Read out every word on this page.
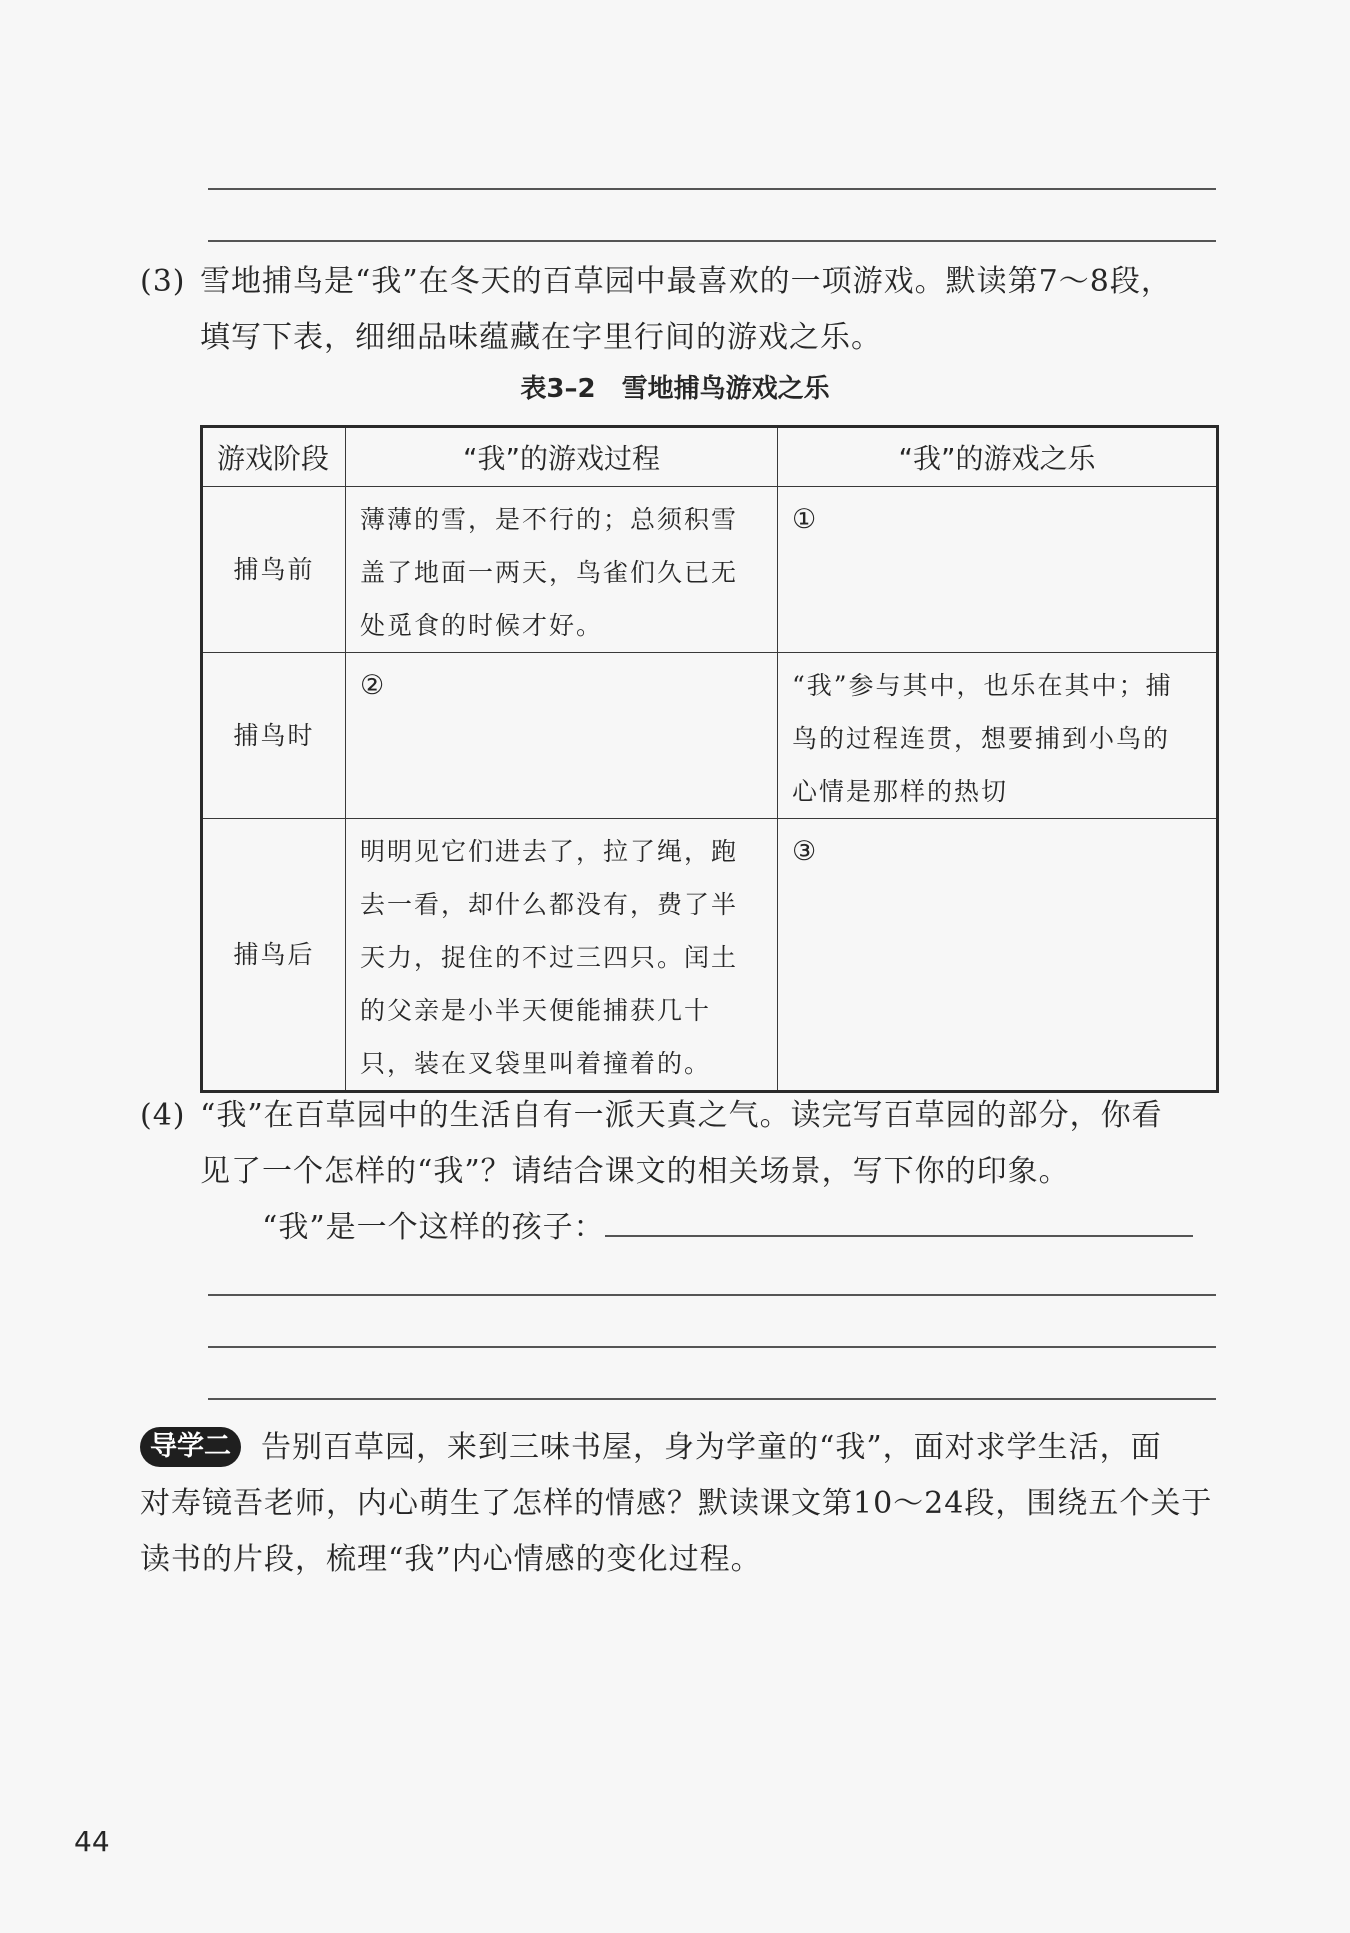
(3) 雪地捕鸟是“我”在冬天的百草园中最喜欢的一项游戏。默读第7～8段，

填写下表，细细品味蕴藏在字里行间的游戏之乐。

表3–2　雪地捕鸟游戏之乐
游戏阶段	“我”的游戏过程	“我”的游戏之乐
捕鸟前	薄薄的雪，是不行的；总须积雪
盖了地面一两天，鸟雀们久已无
处觅食的时候才好。	①

捕鸟时	②	“我”参与其中，也乐在其中；捕
鸟的过程连贯，想要捕到小鸟的
心情是那样的热切

捕鸟后	明明见它们进去了，拉了绳，跑
去一看，却什么都没有，费了半
天力，捉住的不过三四只。闰土
的父亲是小半天便能捕获几十
只，装在叉袋里叫着撞着的。	③

(4) “我”在百草园中的生活自有一派天真之气。读完写百草园的部分，你看

见了一个怎样的“我”？请结合课文的相关场景，写下你的印象。

“我”是一个这样的孩子：

导学二 告别百草园，来到三味书屋，身为学童的“我”，面对求学生活，面

对寿镜吾老师，内心萌生了怎样的情感？默读课文第10～24段，围绕五个关于

读书的片段，梳理“我”内心情感的变化过程。

44
